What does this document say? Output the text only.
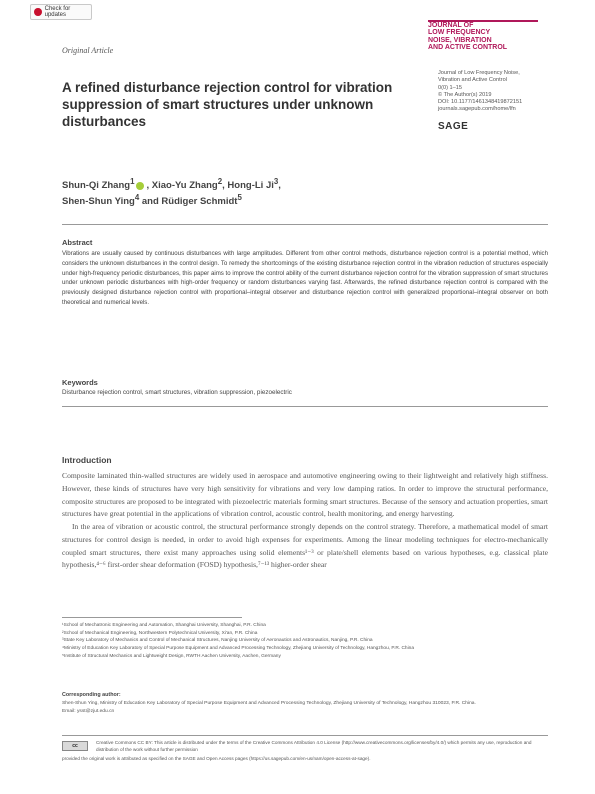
Check for updates
JOURNAL OF
LOW FREQUENCY
NOISE, VIBRATION
AND ACTIVE CONTROL
Original Article
A refined disturbance rejection control for vibration suppression of smart structures under unknown disturbances
Journal of Low Frequency Noise,
Vibration and Active Control
0(0) 1–15
© The Author(s) 2019
DOI: 10.1177/1461348419872151
journals.sagepub.com/home/lfn
SAGE
Shun-Qi Zhang$^1$ , Xiao-Yu Zhang$^2$, Hong-Li Ji$^3$,
Shen-Shun Ying$^4$ and Rüdiger Schmidt$^5$
Abstract
Vibrations are usually caused by continuous disturbances with large amplitudes. Different from other control methods, disturbance rejection control is a potential method, which considers the unknown disturbances in the control design. To remedy the shortcomings of the existing disturbance rejection control in the vibration reduction of structures especially under high-frequency periodic disturbances, this paper aims to improve the control ability of the current disturbance rejection control for the vibration suppression of smart structures under unknown periodic disturbances with high-order frequency or random disturbances varying fast. Afterwards, the refined disturbance rejection control is compared with the previously designed disturbance rejection control with proportional–integral observer and disturbance rejection control with generalized proportional–integral observer on both theoretical and numerical levels.
Keywords
Disturbance rejection control, smart structures, vibration suppression, piezoelectric
Introduction

Composite laminated thin-walled structures are widely used in aerospace and automotive engineering owing to their lightweight and relatively high stiffness. However, these kinds of structures have very high sensitivity for vibrations and very low damping ratios. In order to improve the structural performance, composite structures are proposed to be integrated with piezoelectric materials forming smart structures. Because of the sensory and actuation properties, smart structures have great potential in the applications of vibration control, acoustic control, health monitoring, and energy harvesting.

In the area of vibration or acoustic control, the structural performance strongly depends on the control strategy. Therefore, a mathematical model of smart structures for control design is needed, in order to avoid high expenses for experiments. Among the linear modeling techniques for electro-mechanically coupled smart structures, there exist many approaches using solid elements¹⁻³ or plate/shell elements based on various hypotheses, e.g. classical plate hypothesis,⁴⁻⁶ first-order shear deformation (FOSD) hypothesis,⁷⁻¹³ higher-order shear

¹School of Mechatronic Engineering and Automation, Shanghai University, Shanghai, P.R. China
²School of Mechanical Engineering, Northwestern Polytechnical University, Xi'an, P.R. China
³State Key Laboratory of Mechanics and Control of Mechanical Structures, Nanjing University of Aeronautics and Astronautics, Nanjing, P.R. China
⁴Ministry of Education Key Laboratory of Special Purpose Equipment and Advanced Processing Technology, Zhejiang University of Technology, Hangzhou, P.R. China
⁵Institute of Structural Mechanics and Lightweight Design, RWTH Aachen University, Aachen, Germany
Corresponding author:
Shen-Shun Ying, Ministry of Education Key Laboratory of Special Purpose Equipment and Advanced Processing Technology, Zhejiang University of Technology, Hangzhou 310023, P.R. China.
Email: ysst@zjut.edu.cn
cc
Creative Commons CC BY: This article is distributed under the terms of the Creative Commons Attribution 4.0 License (http://www.creativecommons.org/licenses/by/4.0/) which permits any use, reproduction and distribution of the work without further permission
provided the original work is attributed as specified on the SAGE and Open Access pages (https://us.sagepub.com/en-us/nam/open-access-at-sage).
